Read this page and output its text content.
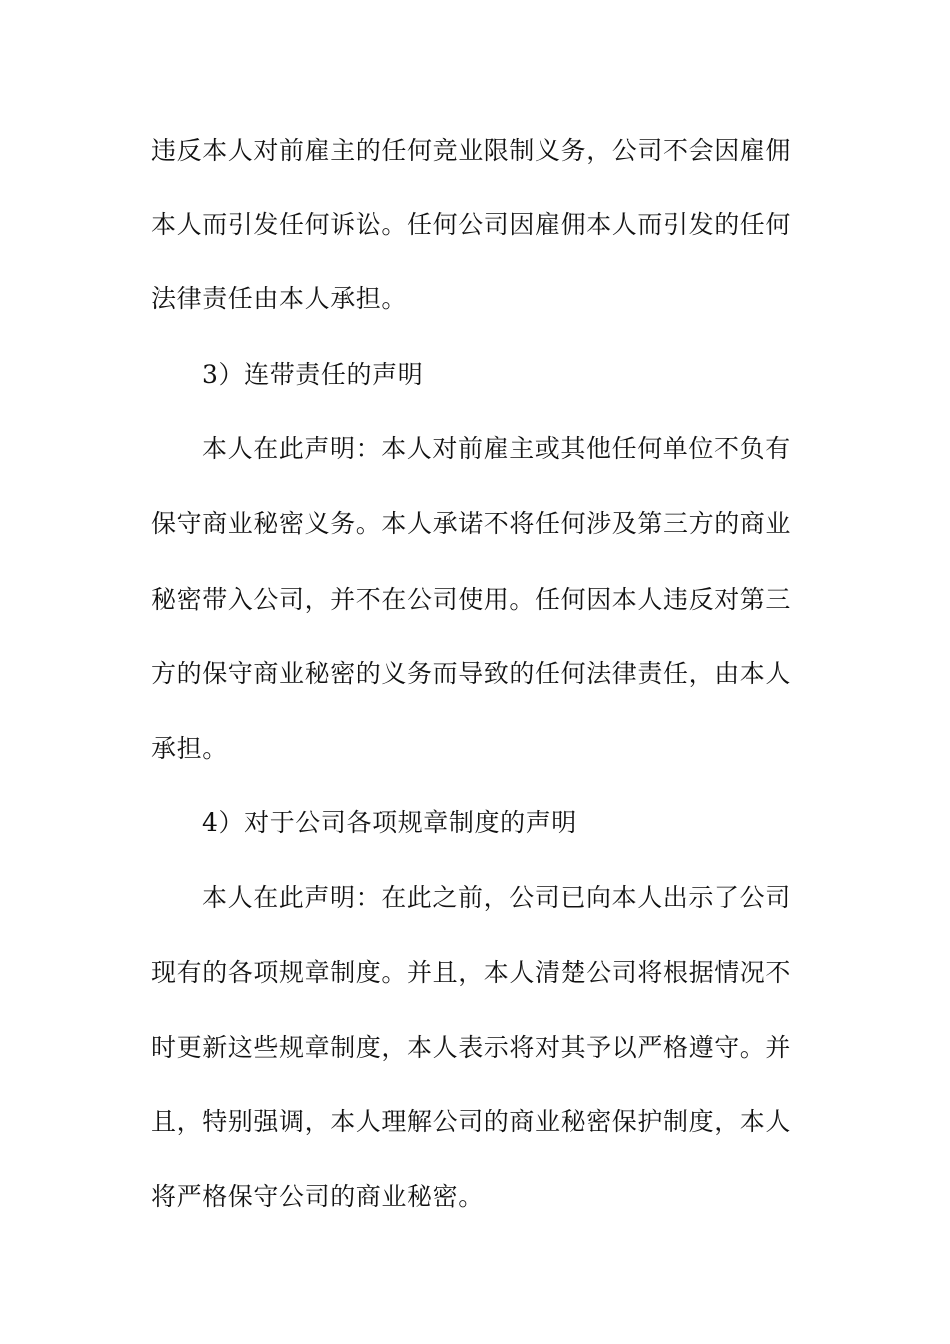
违反本人对前雇主的任何竞业限制义务，公司不会因雇佣
本人而引发任何诉讼。任何公司因雇佣本人而引发的任何
法律责任由本人承担。
3）连带责任的声明
本人在此声明：本人对前雇主或其他任何单位不负有
保守商业秘密义务。本人承诺不将任何涉及第三方的商业
秘密带入公司，并不在公司使用。任何因本人违反对第三
方的保守商业秘密的义务而导致的任何法律责任，由本人
承担。
4）对于公司各项规章制度的声明
本人在此声明：在此之前，公司已向本人出示了公司
现有的各项规章制度。并且，本人清楚公司将根据情况不
时更新这些规章制度，本人表示将对其予以严格遵守。并
且，特别强调，本人理解公司的商业秘密保护制度，本人
将严格保守公司的商业秘密。
